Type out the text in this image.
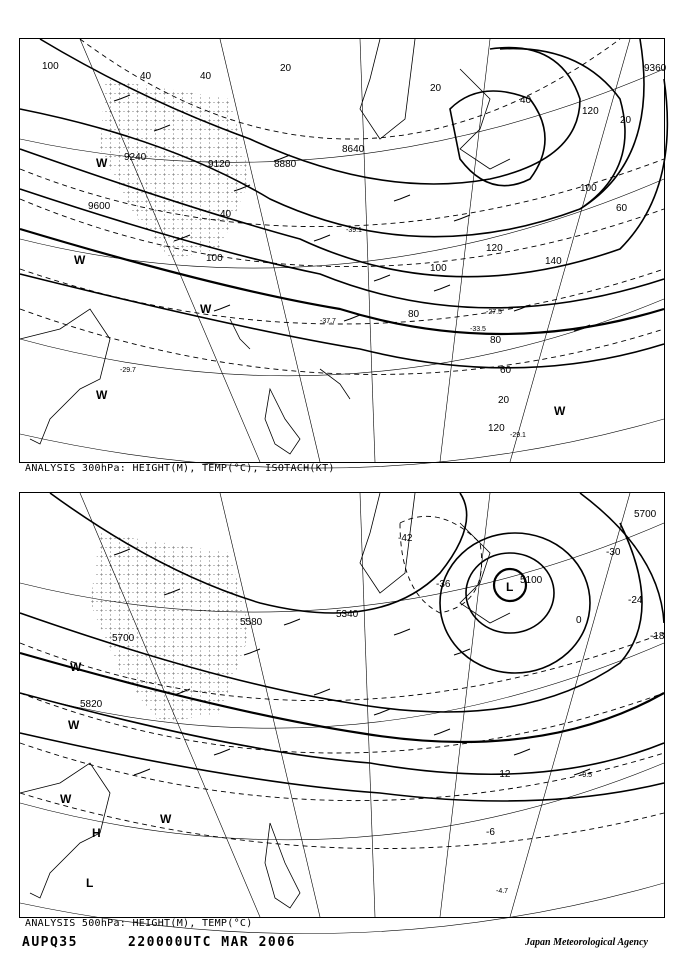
9360
9120	8880
8640
9600
9240
100
40	40
20
20
40
120
20
100
60
40
120
140
100
100
80
80
60
20
120
-29.1
-33.5
-37.7
-29.7
-39.1
-27.5
W
W
W
W
W
ANALYSIS 300hPa: HEIGHT(M), TEMP(°C), ISOTACH(KT)
5700
5580
5820
5340
5100
5700
-42
-36
-30
-24
-18
-12
-6
0
-4.7
-9.5
L
L
W
W
W
W
H
ANALYSIS 500hPa: HEIGHT(M), TEMP(°C)
AUPQ35	220000UTC MAR 2006	Japan Meteorological Agency
